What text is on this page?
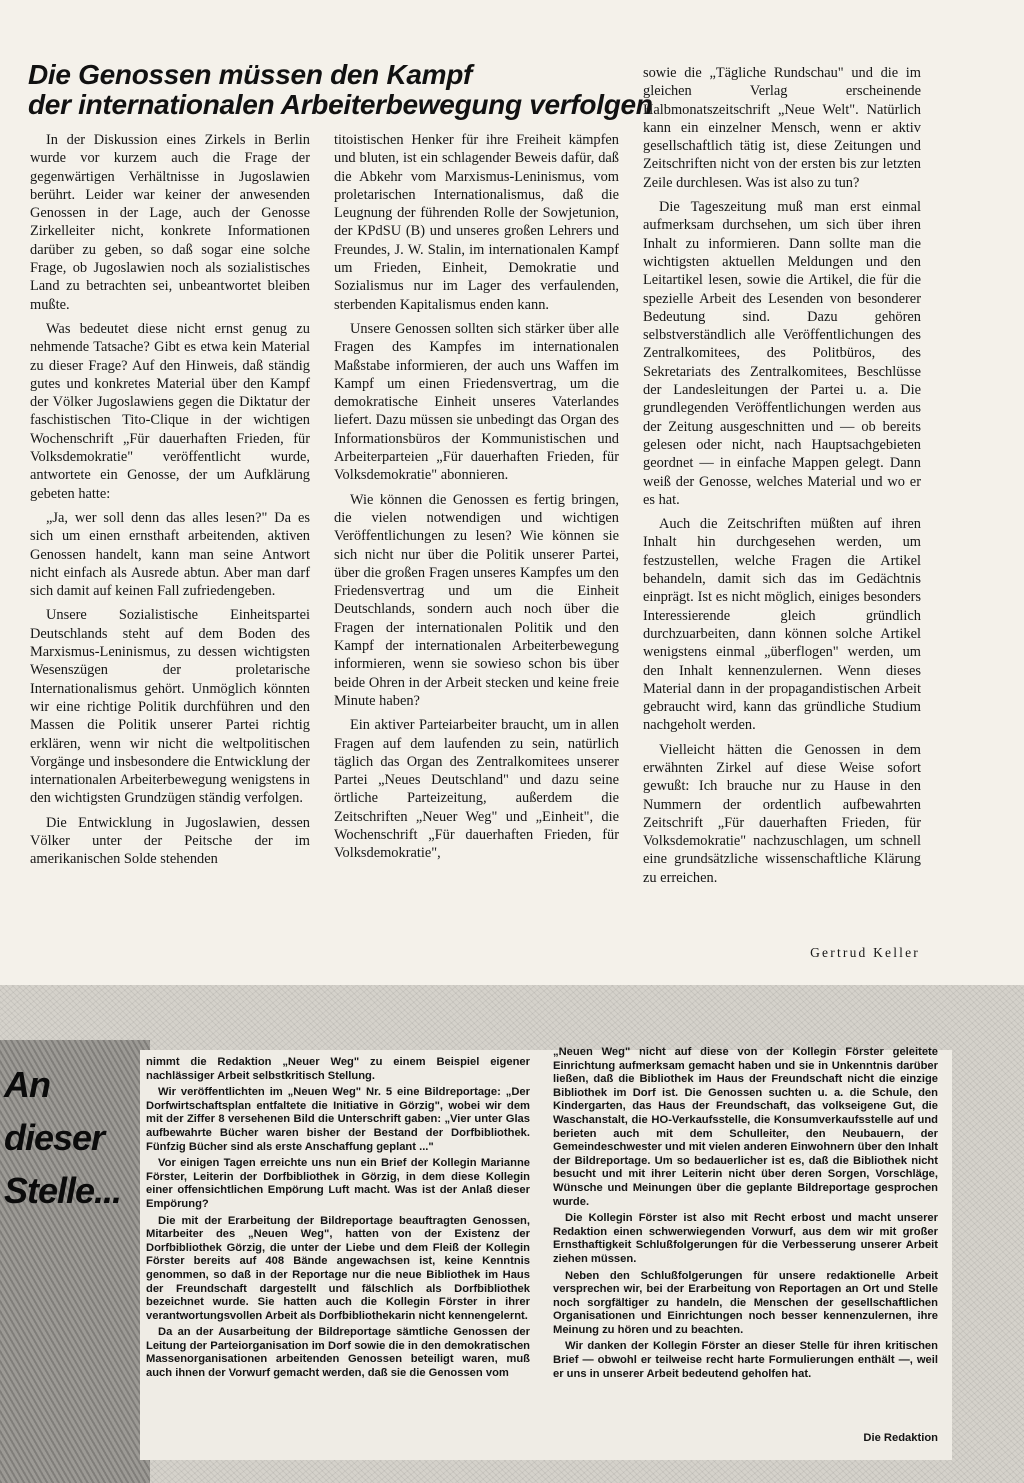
Die Genossen müssen den Kampf
der internationalen Arbeiterbewegung verfolgen

In der Diskussion eines Zirkels in Berlin wurde vor kurzem auch die Frage der gegenwärtigen Verhältnisse in Jugoslawien berührt. Leider war keiner der anwesenden Genossen in der Lage, auch der Genosse Zirkelleiter nicht, konkrete Informationen darüber zu geben, so daß sogar eine solche Frage, ob Jugoslawien noch als sozialistisches Land zu betrachten sei, unbeantwortet bleiben mußte.

Was bedeutet diese nicht ernst genug zu nehmende Tatsache? Gibt es etwa kein Material zu dieser Frage? Auf den Hinweis, daß ständig gutes und konkretes Material über den Kampf der Völker Jugoslawiens gegen die Diktatur der faschistischen Tito-Clique in der wichtigen Wochenschrift „Für dauerhaften Frieden, für Volksdemokratie" veröffentlicht wurde, antwortete ein Genosse, der um Aufklärung gebeten hatte:

„Ja, wer soll denn das alles lesen?" Da es sich um einen ernsthaft arbeitenden, aktiven Genossen handelt, kann man seine Antwort nicht einfach als Ausrede abtun. Aber man darf sich damit auf keinen Fall zufriedengeben.

Unsere Sozialistische Einheitspartei Deutschlands steht auf dem Boden des Marxismus-Leninismus, zu dessen wichtigsten Wesenszügen der proletarische Internationalismus gehört. Unmöglich könnten wir eine richtige Politik durchführen und den Massen die Politik unserer Partei richtig erklären, wenn wir nicht die weltpolitischen Vorgänge und insbesondere die Entwicklung der internationalen Arbeiterbewegung wenigstens in den wichtigsten Grundzügen ständig verfolgen.

Die Entwicklung in Jugoslawien, dessen Völker unter der Peitsche der im amerikanischen Solde stehenden

titoistischen Henker für ihre Freiheit kämpfen und bluten, ist ein schlagender Beweis dafür, daß die Abkehr vom Marxismus-Leninismus, vom proletarischen Internationalismus, daß die Leugnung der führenden Rolle der Sowjetunion, der KPdSU (B) und unseres großen Lehrers und Freundes, J. W. Stalin, im internationalen Kampf um Frieden, Einheit, Demokratie und Sozialismus nur im Lager des verfaulenden, sterbenden Kapitalismus enden kann.

Unsere Genossen sollten sich stärker über alle Fragen des Kampfes im internationalen Maßstabe informieren, der auch uns Waffen im Kampf um einen Friedensvertrag, um die demokratische Einheit unseres Vaterlandes liefert. Dazu müssen sie unbedingt das Organ des Informationsbüros der Kommunistischen und Arbeiterparteien „Für dauerhaften Frieden, für Volksdemokratie" abonnieren.

Wie können die Genossen es fertig bringen, die vielen notwendigen und wichtigen Veröffentlichungen zu lesen? Wie können sie sich nicht nur über die Politik unserer Partei, über die großen Fragen unseres Kampfes um den Friedensvertrag und um die Einheit Deutschlands, sondern auch noch über die Fragen der internationalen Politik und den Kampf der internationalen Arbeiterbewegung informieren, wenn sie sowieso schon bis über beide Ohren in der Arbeit stecken und keine freie Minute haben?

Ein aktiver Parteiarbeiter braucht, um in allen Fragen auf dem laufenden zu sein, natürlich täglich das Organ des Zentralkomitees unserer Partei „Neues Deutschland" und dazu seine örtliche Parteizeitung, außerdem die Zeitschriften „Neuer Weg" und „Einheit", die Wochenschrift „Für dauerhaften Frieden, für Volksdemokratie",

sowie die „Tägliche Rundschau" und die im gleichen Verlag erscheinende Halbmonatszeitschrift „Neue Welt". Natürlich kann ein einzelner Mensch, wenn er aktiv gesellschaftlich tätig ist, diese Zeitungen und Zeitschriften nicht von der ersten bis zur letzten Zeile durchlesen. Was ist also zu tun?

Die Tageszeitung muß man erst einmal aufmerksam durchsehen, um sich über ihren Inhalt zu informieren. Dann sollte man die wichtigsten aktuellen Meldungen und den Leitartikel lesen, sowie die Artikel, die für die spezielle Arbeit des Lesenden von besonderer Bedeutung sind. Dazu gehören selbstverständlich alle Veröffentlichungen des Zentralkomitees, des Politbüros, des Sekretariats des Zentralkomitees, Beschlüsse der Landesleitungen der Partei u. a. Die grundlegenden Veröffentlichungen werden aus der Zeitung ausgeschnitten und — ob bereits gelesen oder nicht, nach Hauptsachgebieten geordnet — in einfache Mappen gelegt. Dann weiß der Genosse, welches Material und wo er es hat.

Auch die Zeitschriften müßten auf ihren Inhalt hin durchgesehen werden, um festzustellen, welche Fragen die Artikel behandeln, damit sich das im Gedächtnis einprägt. Ist es nicht möglich, einiges besonders Interessierende gleich gründlich durchzuarbeiten, dann können solche Artikel wenigstens einmal „überflogen" werden, um den Inhalt kennenzulernen. Wenn dieses Material dann in der propagandistischen Arbeit gebraucht wird, kann das gründliche Studium nachgeholt werden.

Vielleicht hätten die Genossen in dem erwähnten Zirkel auf diese Weise sofort gewußt: Ich brauche nur zu Hause in den Nummern der ordentlich aufbewahrten Zeitschrift „Für dauerhaften Frieden, für Volksdemokratie" nachzuschlagen, um schnell eine grundsätzliche wissenschaftliche Klärung zu erreichen.

Gertrud Keller
An
dieser
Stelle...

nimmt die Redaktion „Neuer Weg" zu einem Beispiel eigener nachlässiger Arbeit selbstkritisch Stellung.

Wir veröffentlichten im „Neuen Weg" Nr. 5 eine Bildreportage: „Der Dorfwirtschaftsplan entfaltete die Initiative in Görzig", wobei wir dem mit der Ziffer 8 versehenen Bild die Unterschrift gaben: „Vier unter Glas aufbewahrte Bücher waren bisher der Bestand der Dorfbibliothek. Fünfzig Bücher sind als erste Anschaffung geplant ..."

Vor einigen Tagen erreichte uns nun ein Brief der Kollegin Marianne Förster, Leiterin der Dorfbibliothek in Görzig, in dem diese Kollegin einer offensichtlichen Empörung Luft macht. Was ist der Anlaß dieser Empörung?

Die mit der Erarbeitung der Bildreportage beauftragten Genossen, Mitarbeiter des „Neuen Weg", hatten von der Existenz der Dorfbibliothek Görzig, die unter der Liebe und dem Fleiß der Kollegin Förster bereits auf 408 Bände angewachsen ist, keine Kenntnis genommen, so daß in der Reportage nur die neue Bibliothek im Haus der Freundschaft dargestellt und fälschlich als Dorfbibliothek bezeichnet wurde. Sie hatten auch die Kollegin Förster in ihrer verantwortungsvollen Arbeit als Dorfbibliothekarin nicht kennengelernt.

Da an der Ausarbeitung der Bildreportage sämtliche Genossen der Leitung der Parteiorganisation im Dorf sowie die in den demokratischen Massenorganisationen arbeitenden Genossen beteiligt waren, muß auch ihnen der Vorwurf gemacht werden, daß sie die Genossen vom

„Neuen Weg" nicht auf diese von der Kollegin Förster geleitete Einrichtung aufmerksam gemacht haben und sie in Unkenntnis darüber ließen, daß die Bibliothek im Haus der Freundschaft nicht die einzige Bibliothek im Dorf ist. Die Genossen suchten u. a. die Schule, den Kindergarten, das Haus der Freundschaft, das volkseigene Gut, die Waschanstalt, die HO-Verkaufsstelle, die Konsumverkaufsstelle auf und berieten auch mit dem Schulleiter, den Neubauern, der Gemeindeschwester und mit vielen anderen Einwohnern über den Inhalt der Bildreportage. Um so bedauerlicher ist es, daß die Bibliothek nicht besucht und mit ihrer Leiterin nicht über deren Sorgen, Vorschläge, Wünsche und Meinungen über die geplante Bildreportage gesprochen wurde.

Die Kollegin Förster ist also mit Recht erbost und macht unserer Redaktion einen schwerwiegenden Vorwurf, aus dem wir mit großer Ernsthaftigkeit Schlußfolgerungen für die Verbesserung unserer Arbeit ziehen müssen.

Neben den Schlußfolgerungen für unsere redaktionelle Arbeit versprechen wir, bei der Erarbeitung von Reportagen an Ort und Stelle noch sorgfältiger zu handeln, die Menschen der gesellschaftlichen Organisationen und Einrichtungen noch besser kennenzulernen, ihre Meinung zu hören und zu beachten.

Wir danken der Kollegin Förster an dieser Stelle für ihren kritischen Brief — obwohl er teilweise recht harte Formulierungen enthält —, weil er uns in unserer Arbeit bedeutend geholfen hat.

Die Redaktion
